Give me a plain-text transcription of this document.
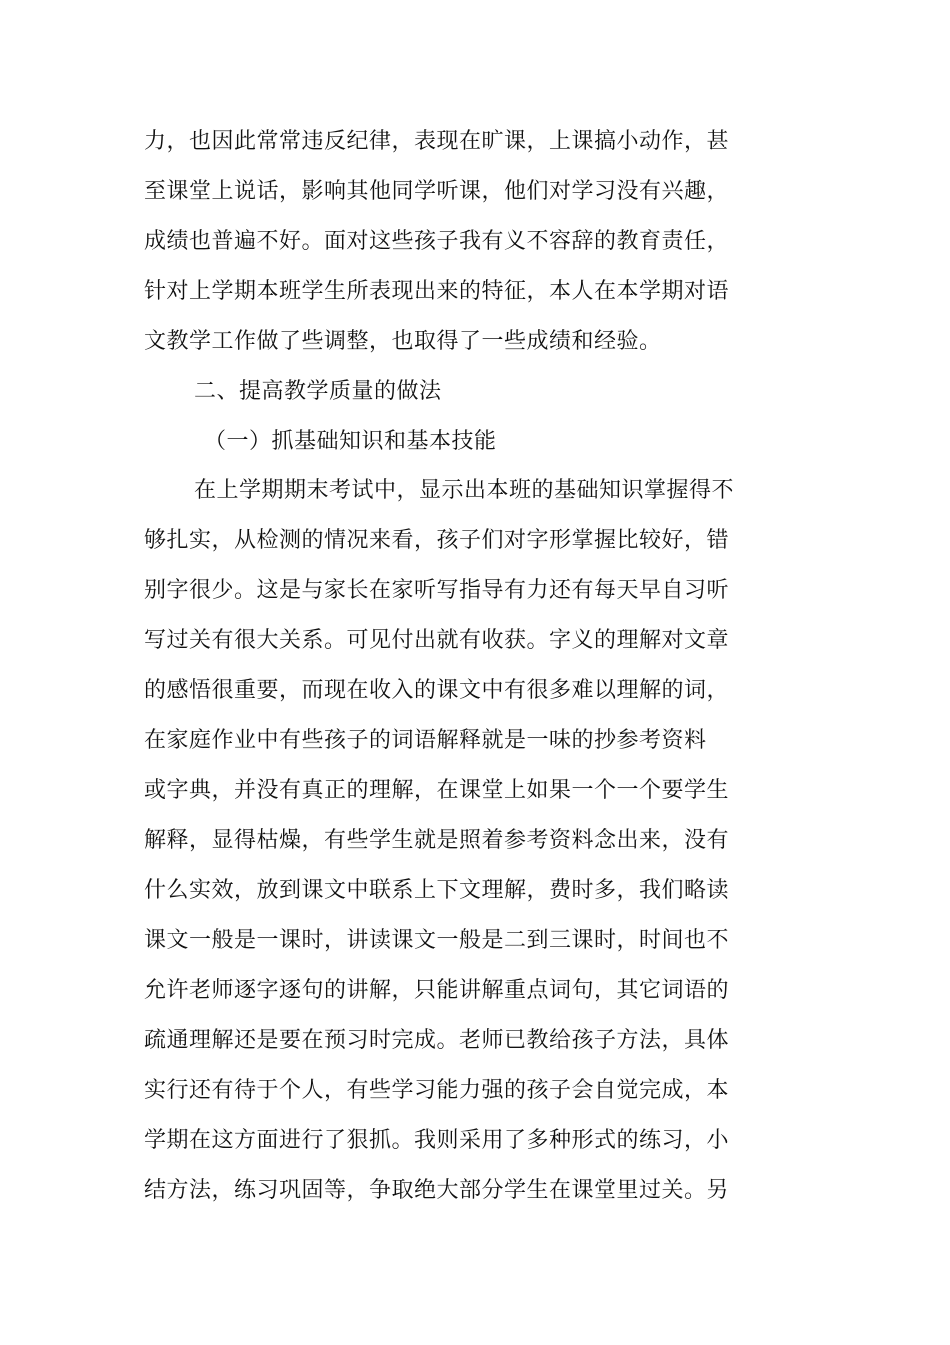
力，也因此常常违反纪律，表现在旷课，上课搞小动作，甚
至课堂上说话，影响其他同学听课，他们对学习没有兴趣，
成绩也普遍不好。面对这些孩子我有义不容辞的教育责任，
针对上学期本班学生所表现出来的特征，本人在本学期对语
文教学工作做了些调整，也取得了一些成绩和经验。
二、提高教学质量的做法
（一）抓基础知识和基本技能
在上学期期末考试中，显示出本班的基础知识掌握得不
够扎实，从检测的情况来看，孩子们对字形掌握比较好，错
别字很少。这是与家长在家听写指导有力还有每天早自习听
写过关有很大关系。可见付出就有收获。字义的理解对文章
的感悟很重要，而现在收入的课文中有很多难以理解的词，
在家庭作业中有些孩子的词语解释就是一味的抄参考资料
或字典，并没有真正的理解，在课堂上如果一个一个要学生
解释，显得枯燥，有些学生就是照着参考资料念出来，没有
什么实效，放到课文中联系上下文理解，费时多，我们略读
课文一般是一课时，讲读课文一般是二到三课时，时间也不
允许老师逐字逐句的讲解，只能讲解重点词句，其它词语的
疏通理解还是要在预习时完成。老师已教给孩子方法，具体
实行还有待于个人，有些学习能力强的孩子会自觉完成，本
学期在这方面进行了狠抓。我则采用了多种形式的练习，小
结方法，练习巩固等，争取绝大部分学生在课堂里过关。另
